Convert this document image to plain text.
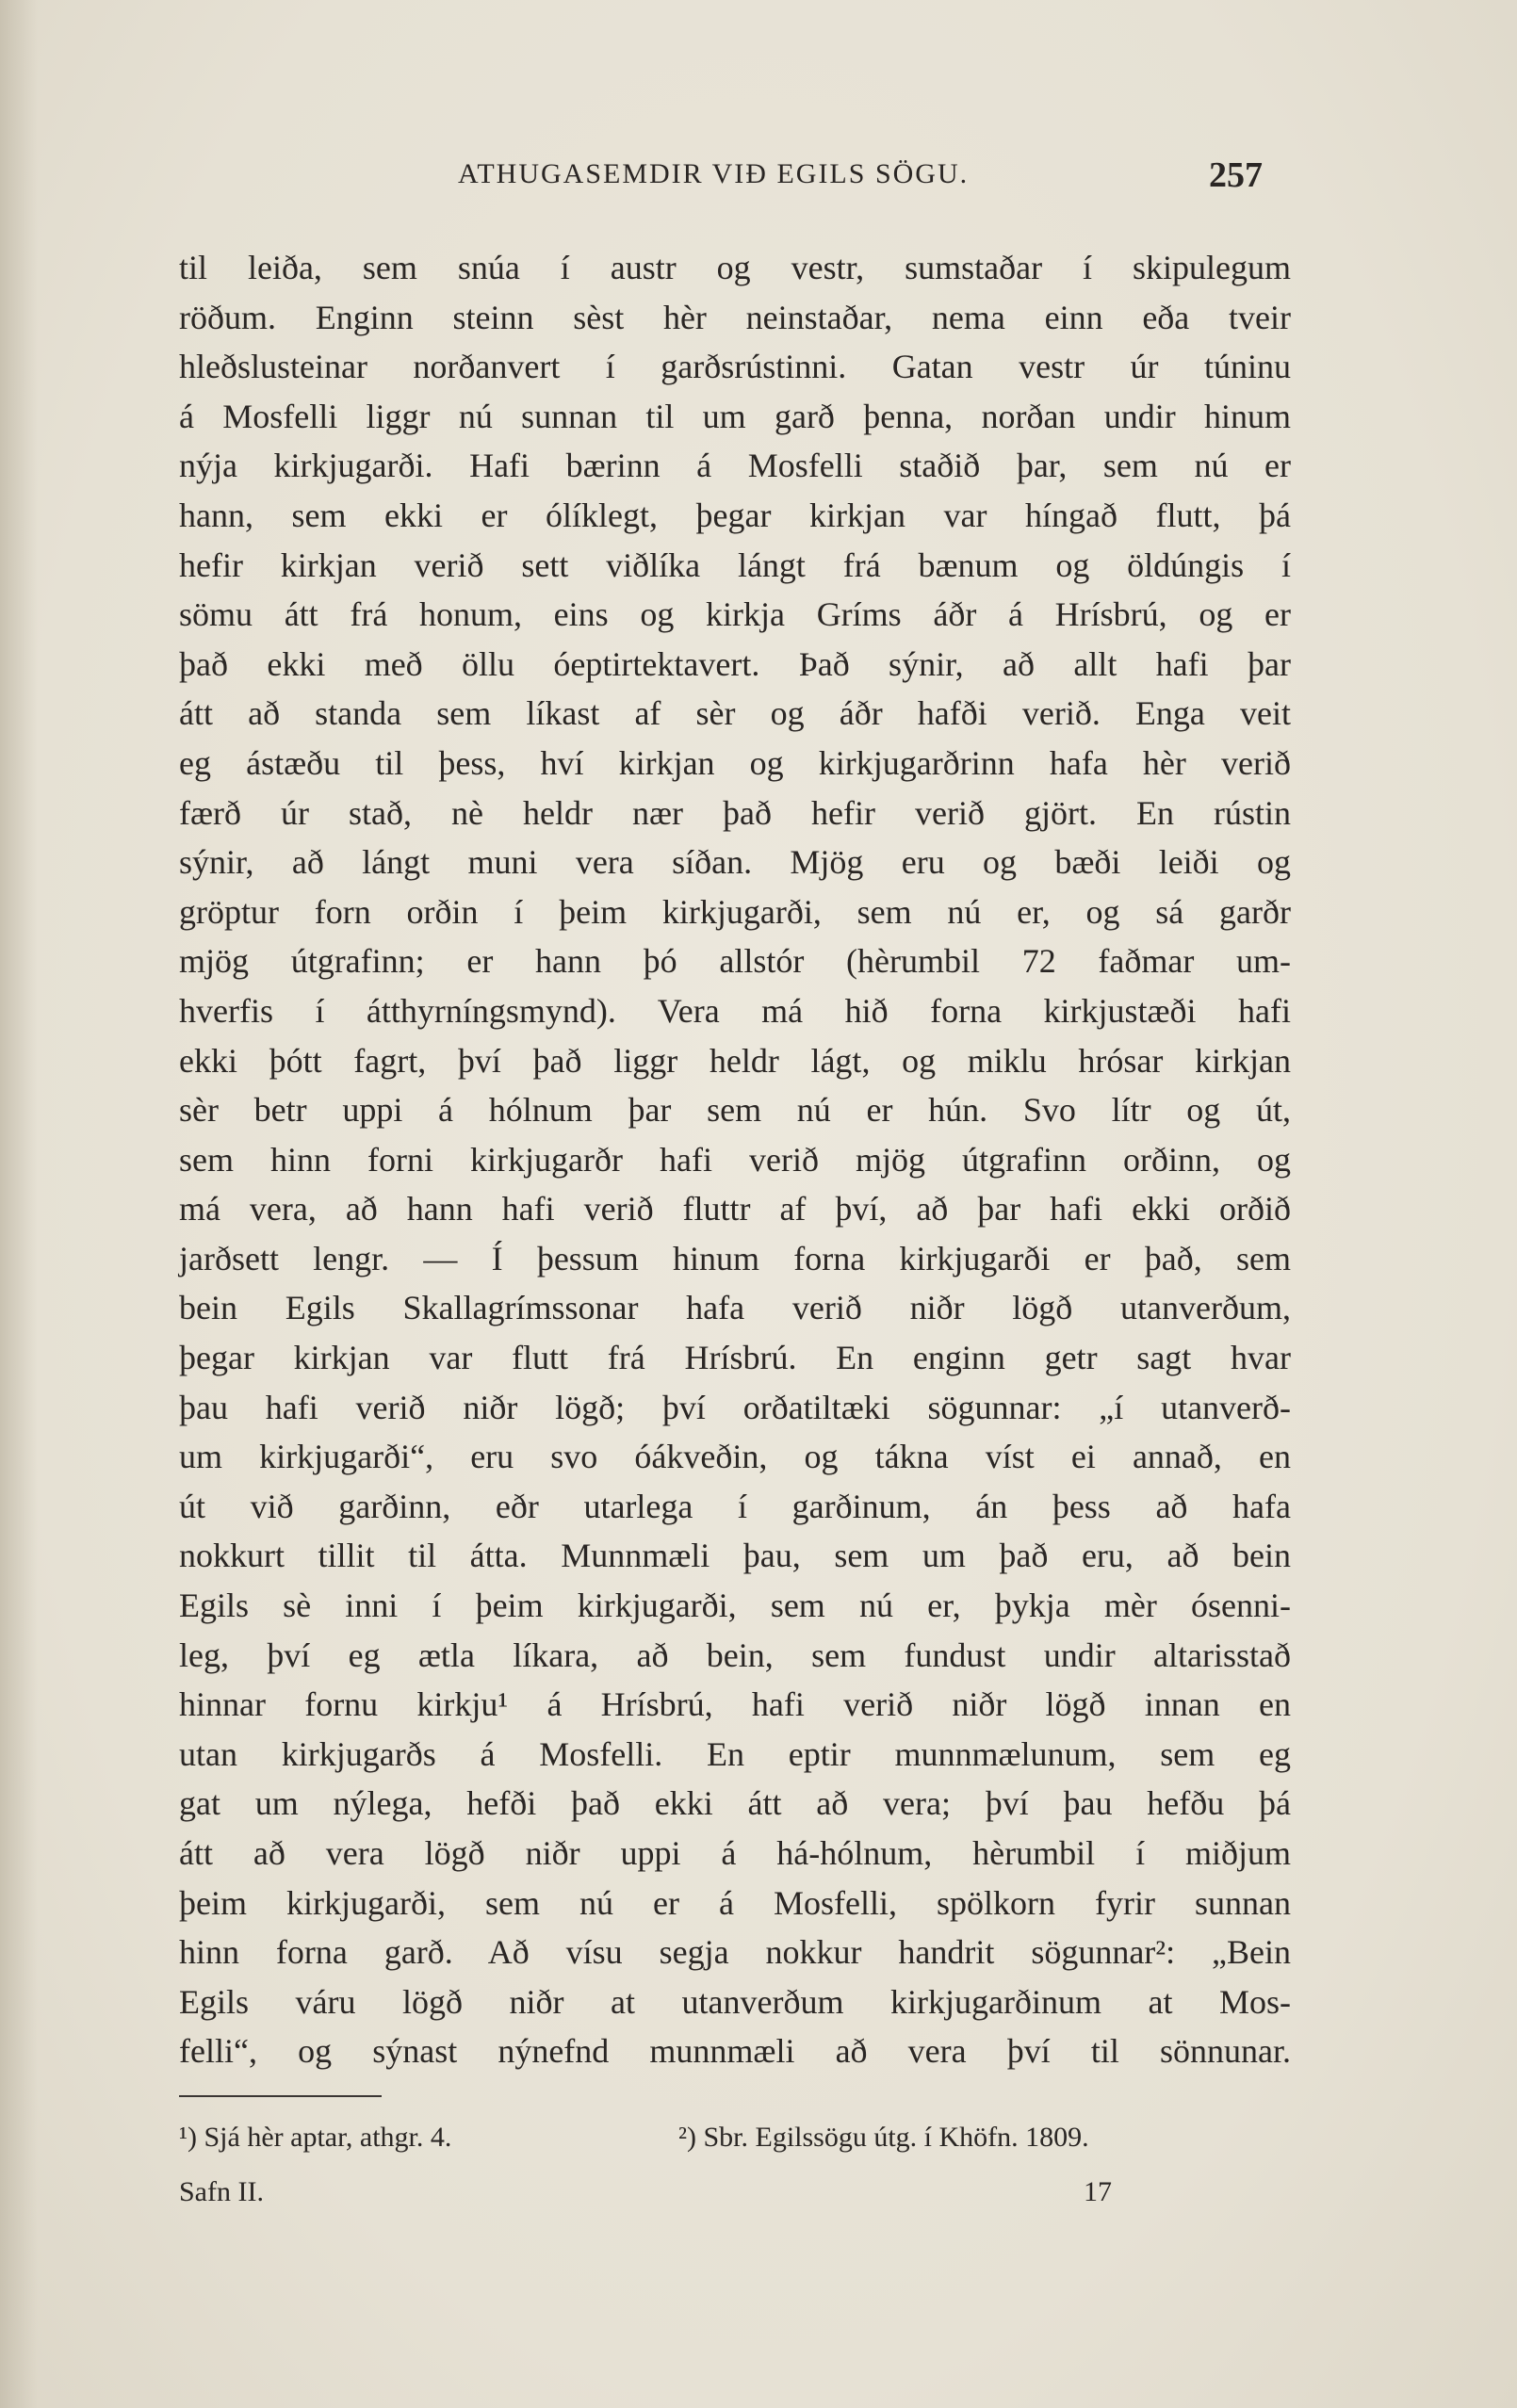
ATHUGASEMDIR VIÐ EGILS SÖGU.	257
til leiða, sem snúa í austr og vestr, sumstaðar í skipulegum
röðum. Enginn steinn sèst hèr neinstaðar, nema einn eða tveir
hleðslusteinar norðanvert í garðsrústinni. Gatan vestr úr túninu
á Mosfelli liggr nú sunnan til um garð þenna, norðan undir hinum
nýja kirkjugarði. Hafi bærinn á Mosfelli staðið þar, sem nú er
hann, sem ekki er ólíklegt, þegar kirkjan var híngað flutt, þá
hefir kirkjan verið sett viðlíka lángt frá bænum og öldúngis í
sömu átt frá honum, eins og kirkja Gríms áðr á Hrísbrú, og er
það ekki með öllu óeptirtektavert. Það sýnir, að allt hafi þar
átt að standa sem líkast af sèr og áðr hafði verið. Enga veit
eg ástæðu til þess, hví kirkjan og kirkjugarðrinn hafa hèr verið
færð úr stað, nè heldr nær það hefir verið gjört. En rústin
sýnir, að lángt muni vera síðan. Mjög eru og bæði leiði og
gröptur forn orðin í þeim kirkjugarði, sem nú er, og sá garðr
mjög útgrafinn; er hann þó allstór (hèrumbil 72 faðmar um-
hverfis í átthyrníngsmynd). Vera má hið forna kirkjustæði hafi
ekki þótt fagrt, því það liggr heldr lágt, og miklu hrósar kirkjan
sèr betr uppi á hólnum þar sem nú er hún. Svo lítr og út,
sem hinn forni kirkjugarðr hafi verið mjög útgrafinn orðinn, og
má vera, að hann hafi verið fluttr af því, að þar hafi ekki orðið
jarðsett lengr. — Í þessum hinum forna kirkjugarði er það, sem
bein Egils Skallagrímssonar hafa verið niðr lögð utanverðum,
þegar kirkjan var flutt frá Hrísbrú. En enginn getr sagt hvar
þau hafi verið niðr lögð; því orðatiltæki sögunnar: „í utanverð-
um kirkjugarði“, eru svo óákveðin, og tákna víst ei annað, en
út við garðinn, eðr utarlega í garðinum, án þess að hafa
nokkurt tillit til átta. Munnmæli þau, sem um það eru, að bein
Egils sè inni í þeim kirkjugarði, sem nú er, þykja mèr ósenni-
leg, því eg ætla líkara, að bein, sem fundust undir altarisstað
hinnar fornu kirkju¹ á Hrísbrú, hafi verið niðr lögð innan en
utan kirkjugarðs á Mosfelli. En eptir munnmælunum, sem eg
gat um nýlega, hefði það ekki átt að vera; því þau hefðu þá
átt að vera lögð niðr uppi á há-hólnum, hèrumbil í miðjum
þeim kirkjugarði, sem nú er á Mosfelli, spölkorn fyrir sunnan
hinn forna garð. Að vísu segja nokkur handrit sögunnar²: „Bein
Egils váru lögð niðr at utanverðum kirkjugarðinum at Mos-
felli“, og sýnast nýnefnd munnmæli að vera því til sönnunar.
¹) Sjá hèr aptar, athgr. 4.	²) Sbr. Egilssögu útg. í Khöfn. 1809.
Safn II.	17
